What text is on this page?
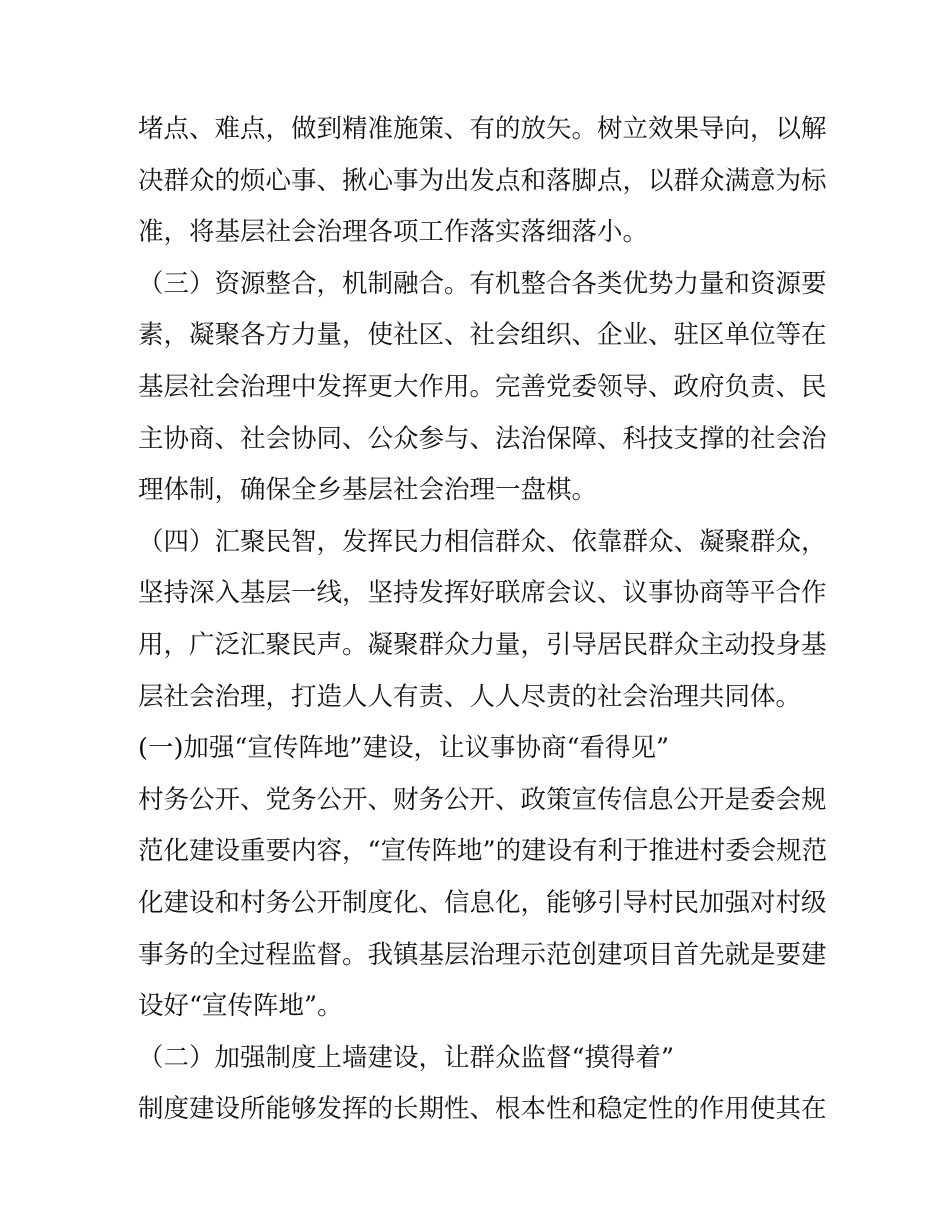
堵点、难点，做到精准施策、有的放矢。树立效果导向，以解
决群众的烦心事、揪心事为出发点和落脚点，以群众满意为标
准，将基层社会治理各项工作落实落细落小。
（三）资源整合，机制融合。有机整合各类优势力量和资源要
素，凝聚各方力量，使社区、社会组织、企业、驻区单位等在
基层社会治理中发挥更大作用。完善党委领导、政府负责、民
主协商、社会协同、公众参与、法治保障、科技支撑的社会治
理体制，确保全乡基层社会治理一盘棋。
（四）汇聚民智，发挥民力相信群众、依靠群众、凝聚群众，
坚持深入基层一线，坚持发挥好联席会议、议事协商等平合作
用，广泛汇聚民声。凝聚群众力量，引导居民群众主动投身基
层社会治理，打造人人有责、人人尽责的社会治理共同体。
(一)加强“宣传阵地”建设，让议事协商“看得见”
村务公开、党务公开、财务公开、政策宣传信息公开是委会规
范化建设重要内容，“宣传阵地”的建设有利于推进村委会规范
化建设和村务公开制度化、信息化，能够引导村民加强对村级
事务的全过程监督。我镇基层治理示范创建项目首先就是要建
设好“宣传阵地”。
（二）加强制度上墙建设，让群众监督“摸得着”
制度建设所能够发挥的长期性、根本性和稳定性的作用使其在
